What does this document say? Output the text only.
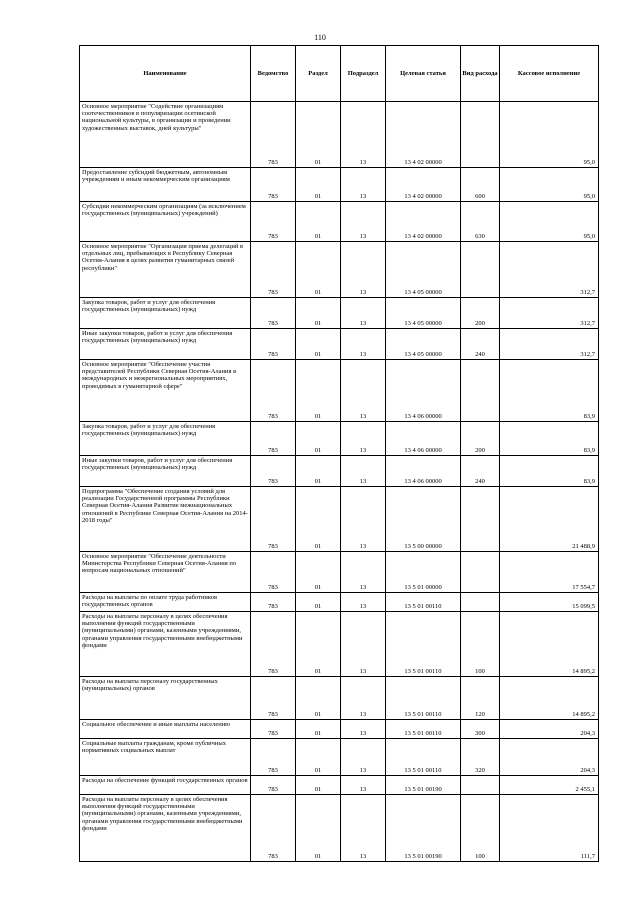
110
Наименование	Ведомство	Раздел	Подраздел	Целевая статья	Вид расхода	Кассовое исполнение
Основное мероприятие "Содействие организациям соотечественников в популяризации осетинской национальной культуры, в организации и проведении художественных выставок, дней культуры"	783	01	13	13 4 02 00000		95,0
Предоставление субсидий бюджетным, автономным учреждениям и иным некоммерческим организациям	783	01	13	13 4 02 00000	600	95,0
Субсидии некоммерческим организациям (за исключением государственных (муниципальных) учреждений)	783	01	13	13 4 02 00000	630	95,0
Основное мероприятие "Организация приема делегаций в отдельных лиц, пребывающих в Республику Северная Осетия-Алания в целях развития гуманитарных связей республики"	783	01	13	13 4 05 00000		312,7
Закупка товаров, работ и услуг для обеспечения государственных (муниципальных) нужд	783	01	13	13 4 05 00000	200	312,7
Иные закупки товаров, работ и услуг для обеспечения государственных (муниципальных) нужд	783	01	13	13 4 05 00000	240	312,7
Основное мероприятие "Обеспечение участия представителей Республики Северная Осетия-Алания в международных и межрегиональных мероприятиях, проводимых в гуманитарной сфере"	783	01	13	13 4 06 00000		83,9
Закупка товаров, работ и услуг для обеспечения государственных (муниципальных) нужд	783	01	13	13 4 06 00000	200	83,9
Иные закупки товаров, работ и услуг для обеспечения государственных (муниципальных) нужд	783	01	13	13 4 06 00000	240	83,9
Подпрограмма "Обеспечение создания условий для реализации Государственной программы Республики Северная Осетия-Алания Развитие межнациональных отношений в Республике Северная Осетия-Алания на 2014-2018 годы"	783	01	13	13 5 00 00000		21 488,9
Основное мероприятие "Обеспечение деятельности Министерства Республики Северная Осетия-Алания по вопросам национальных отношений"	783	01	13	13 5 01 00000		17 554,7
Расходы на выплаты по оплате труда работников государственных органов	783	01	13	13 5 01 00110		15 099,5
Расходы на выплаты персоналу в целях обеспечения выполнения функций государственными (муниципальными) органами, казенными учреждениями, органами управления государственными внебюджетными фондами	783	01	13	13 5 01 00110	100	14 895,2
Расходы на выплаты персоналу государственных (муниципальных) органов	783	01	13	13 5 01 00110	120	14 895,2
Социальное обеспечение и иные выплаты населению	783	01	13	13 5 01 00110	300	204,3
Социальные выплаты гражданам, кроме публичных нормативных социальных выплат	783	01	13	13 5 01 00110	320	204,3
Расходы на обеспечение функций государственных органов	783	01	13	13 5 01 00190		2 455,1
Расходы на выплаты персоналу в целях обеспечения выполнения функций государственными (муниципальными) органами, казенными учреждениями, органами управления государственными внебюджетными фондами	783	01	13	13 5 01 00190	100	111,7
